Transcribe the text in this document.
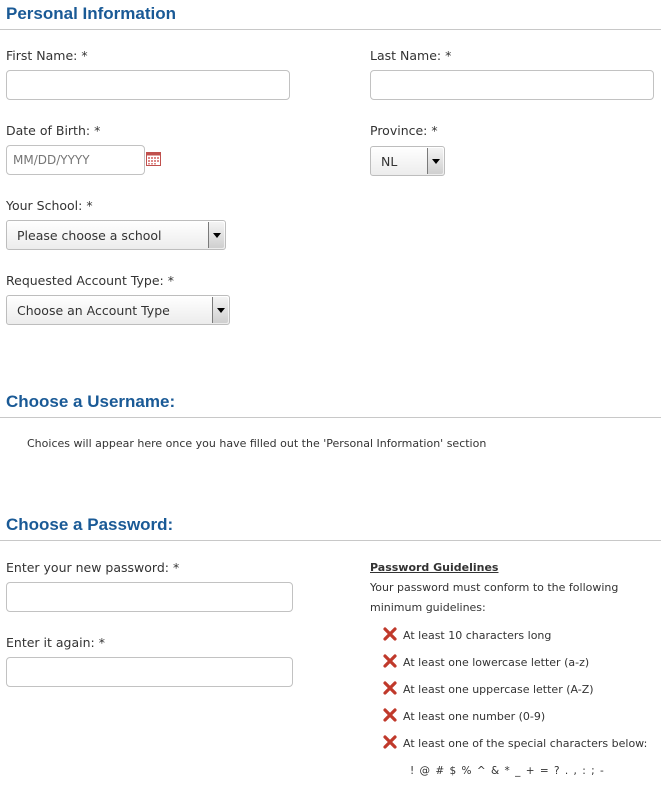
Personal Information
First Name: *	Last Name: *
Date of Birth: *
MM/DD/YYYY	Province: *
NL
Your School: *
Please choose a school
Requested Account Type: *
Choose an Account Type
Choose a Username:
Choices will appear here once you have filled out the 'Personal Information' section
Choose a Password:
Enter your new password: *
Enter it again: *
Password Guidelines
Your password must conform to the following
minimum guidelines:
At least 10 characters long
At least one lowercase letter (a-z)
At least one uppercase letter (A-Z)
At least one number (0-9)
At least one of the special characters below:
! @ # $ % ^ & * _ + = ? . , : ; -
